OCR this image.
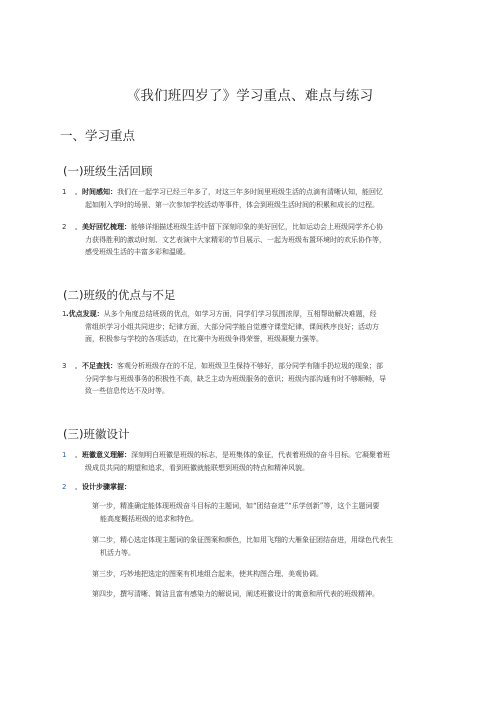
《我们班四岁了》学习重点、难点与练习
一、学习重点
(一)班级生活回顾
1 ．时间感知：我们在一起学习已经三年多了，对这三年多时间里班级生活的点滴有清晰认知，能回忆
起如刚入学时的场景、第一次参加学校活动等事件，体会到班级生活时间的积累和成长的过程。
2 ．美好回忆梳理：能够详细描述班级生活中留下深刻印象的美好回忆，比如运动会上班级同学齐心协
力获得胜利的激动时刻、文艺表演中大家精彩的节目展示、一起为班级布置环境时的欢乐协作等，
感受班级生活的丰富多彩和温暖。
(二)班级的优点与不足
1 .优点发现：从多个角度总结班级的优点，如学习方面，同学们学习氛围浓厚，互相帮助解决难题，经
常组织学习小组共同进步；纪律方面，大部分同学能自觉遵守课堂纪律，课间秩序良好；活动方
面，积极参与学校的各项活动，在比赛中为班级争得荣誉，班级凝聚力强等。
3 ．不足查找：客观分析班级存在的不足，如班级卫生保持不够好，部分同学有随手扔垃圾的现象；部
分同学参与班级事务的积极性不高，缺乏主动为班级服务的意识；班级内部沟通有时不够顺畅，导
致一些信息传达不及时等。
(三)班徽设计
1 ．班徽意义理解：深刻明白班徽是班级的标志，是班集体的象征，代表着班级的奋斗目标。它凝聚着班
级成员共同的期望和追求，看到班徽就能联想到班级的特点和精神风貌。
2 ．设计步骤掌握：
第一步，精准确定能体现班级奋斗目标的主题词，如“团结奋进”“乐学创新”等，这个主题词要
能高度概括班级的追求和特色。
第二步，精心选定体现主题词的象征图案和颜色，比如用飞翔的大雁象征团结奋进，用绿色代表生
机活力等。
第三步，巧妙地把选定的图案有机地组合起来，使其构图合理、美观协调。
第四步，撰写清晰、简洁且富有感染力的解说词，阐述班徽设计的寓意和所代表的班级精神。
